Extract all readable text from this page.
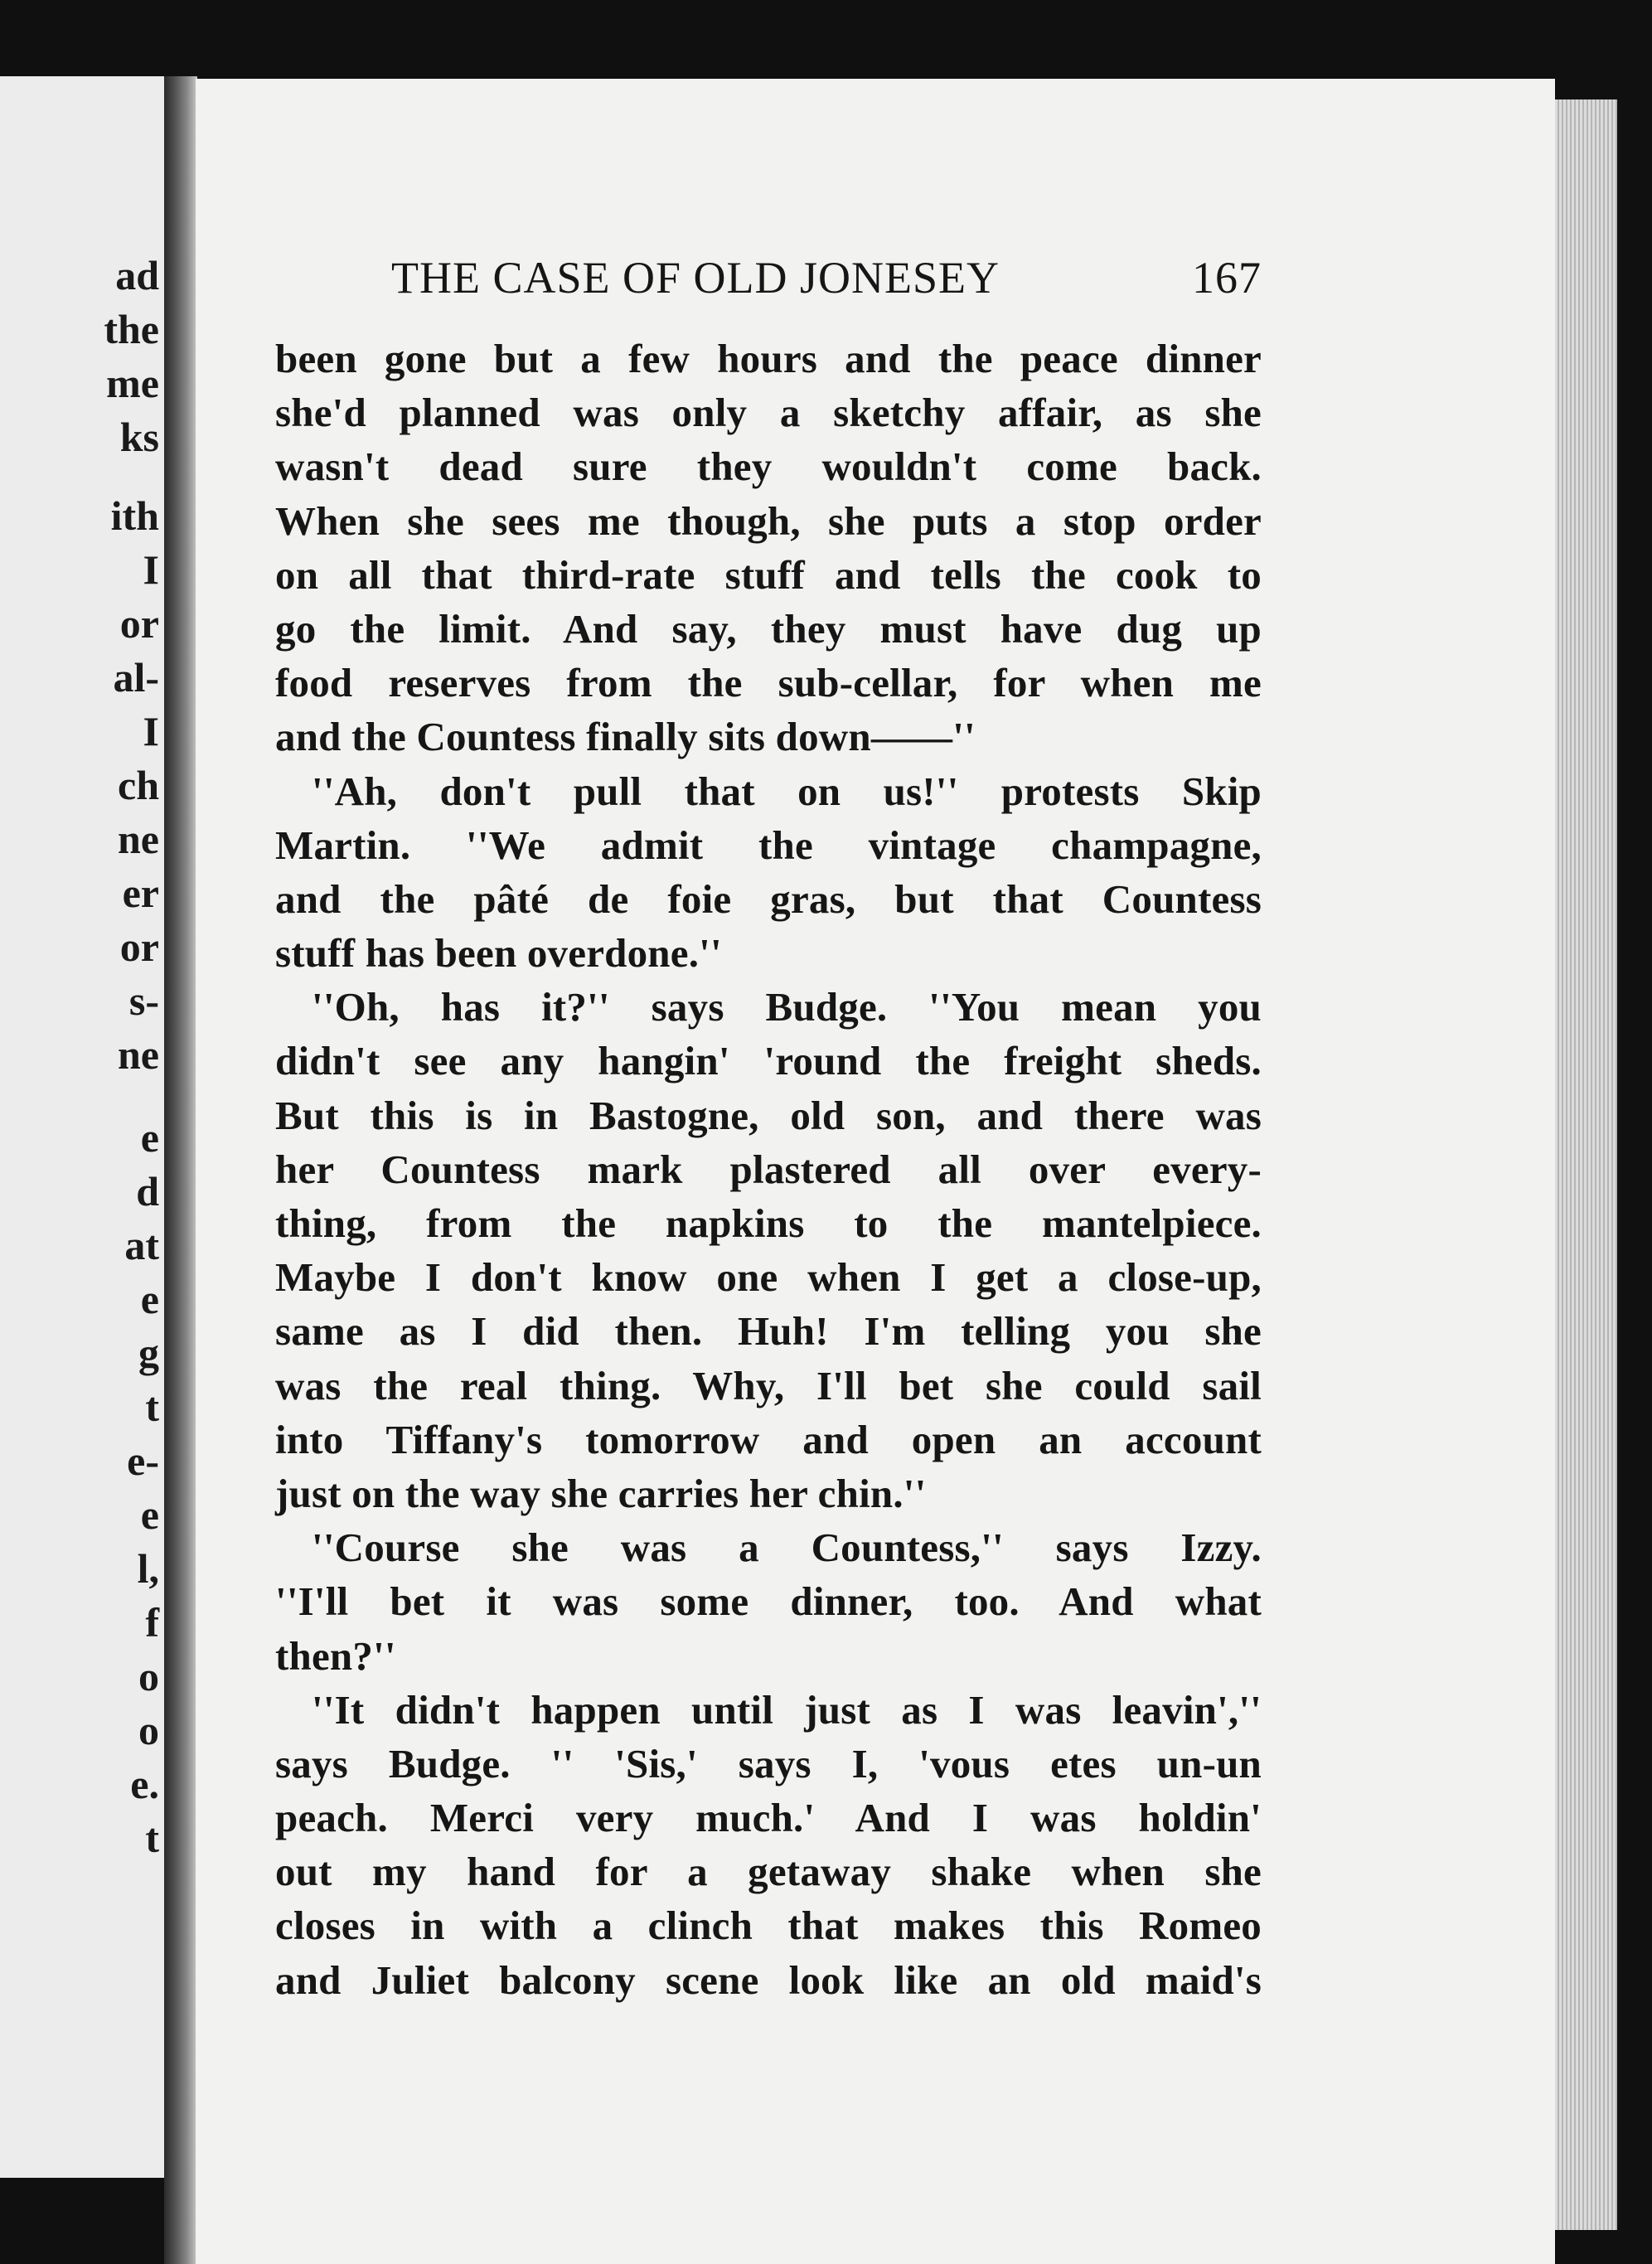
ad
the
me
ks
ith
I
or
al-
I
ch
ne
er
or
s-
ne
e
d
at
e
g
t
e-
e
l,
f
o
o
e.
t
THE CASE OF OLD JONESEY	167
been gone but a few hours and the peace dinner
she'd planned was only a sketchy affair, as she
wasn't dead sure they wouldn't come back.
When she sees me though, she puts a stop order
on all that third-rate stuff and tells the cook to
go the limit. And say, they must have dug up
food reserves from the sub-cellar, for when me
and the Countess finally sits down——''
''Ah, don't pull that on us!'' protests Skip
Martin. ''We admit the vintage champagne,
and the pâté de foie gras, but that Countess
stuff has been overdone.''
''Oh, has it?'' says Budge. ''You mean you
didn't see any hangin' 'round the freight sheds.
But this is in Bastogne, old son, and there was
her Countess mark plastered all over every-
thing, from the napkins to the mantelpiece.
Maybe I don't know one when I get a close-up,
same as I did then. Huh! I'm telling you she
was the real thing. Why, I'll bet she could sail
into Tiffany's tomorrow and open an account
just on the way she carries her chin.''
''Course she was a Countess,'' says Izzy.
''I'll bet it was some dinner, too. And what
then?''
''It didn't happen until just as I was leavin',''
says Budge. '' 'Sis,' says I, 'vous etes un-un
peach. Merci very much.' And I was holdin'
out my hand for a getaway shake when she
closes in with a clinch that makes this Romeo
and Juliet balcony scene look like an old maid's
